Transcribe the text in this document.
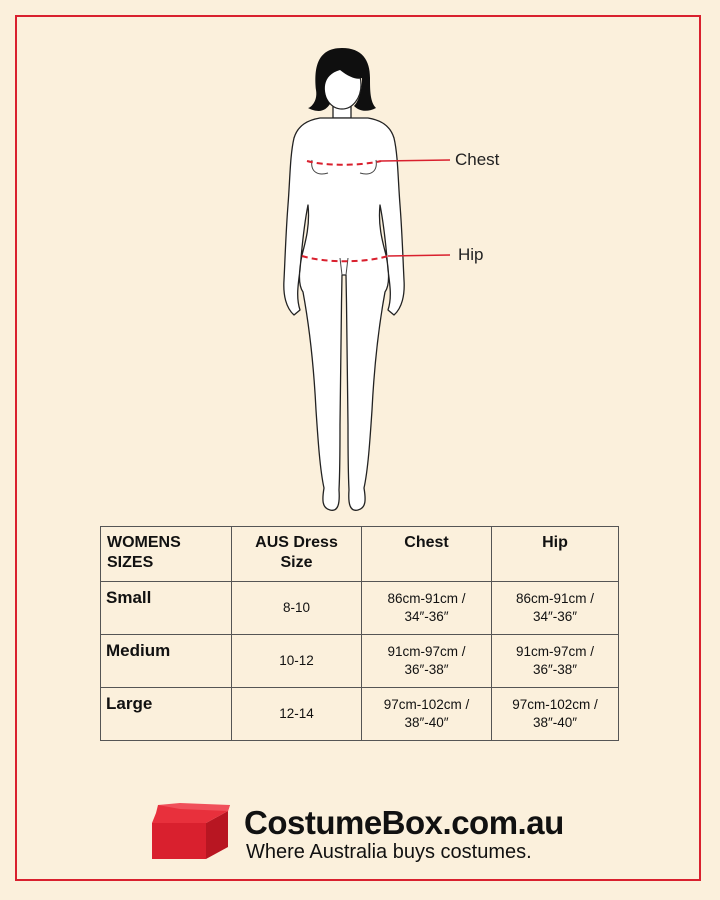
Chest
Hip
WOMENS SIZES	AUS Dress Size	Chest	Hip
Small	8-10	86cm-91cm / 34″-36″	86cm-91cm / 34″-36″
Medium	10-12	91cm-97cm / 36″-38″	91cm-97cm / 36″-38″
Large	12-14	97cm-102cm / 38″-40″	97cm-102cm / 38″-40″
CostumeBox.com.au
Where Australia buys costumes.
